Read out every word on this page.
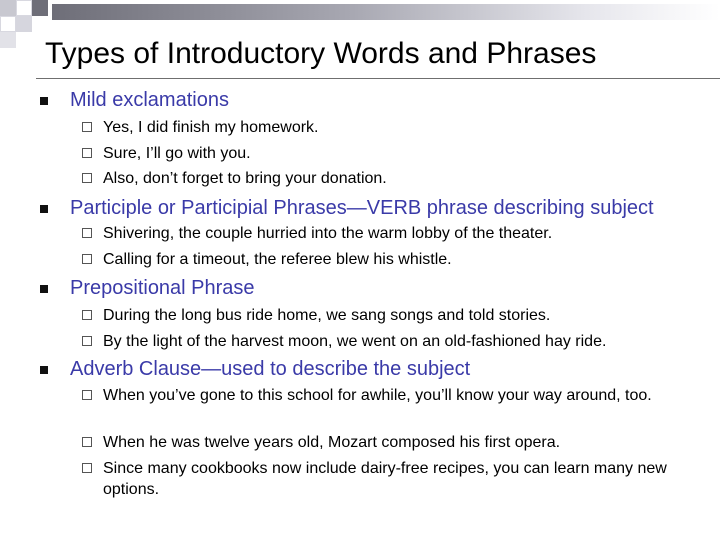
Types of Introductory Words and Phrases
Mild exclamations
Yes, I did finish my homework.
Sure, I’ll go with you.
Also, don’t forget to bring your donation.
Participle or Participial Phrases—VERB phrase describing subject
Shivering, the couple hurried into the warm lobby of the theater.
Calling for a timeout, the referee blew his whistle.
Prepositional Phrase
During the long bus ride home, we sang songs and told stories.
By the light of the harvest moon, we went on an old-fashioned hay ride.
Adverb Clause—used to describe the subject
When you’ve gone to this school for awhile, you’ll know your way around, too.
When he was twelve years old, Mozart composed his first opera.
Since many cookbooks now include dairy-free recipes, you can learn many new options.
